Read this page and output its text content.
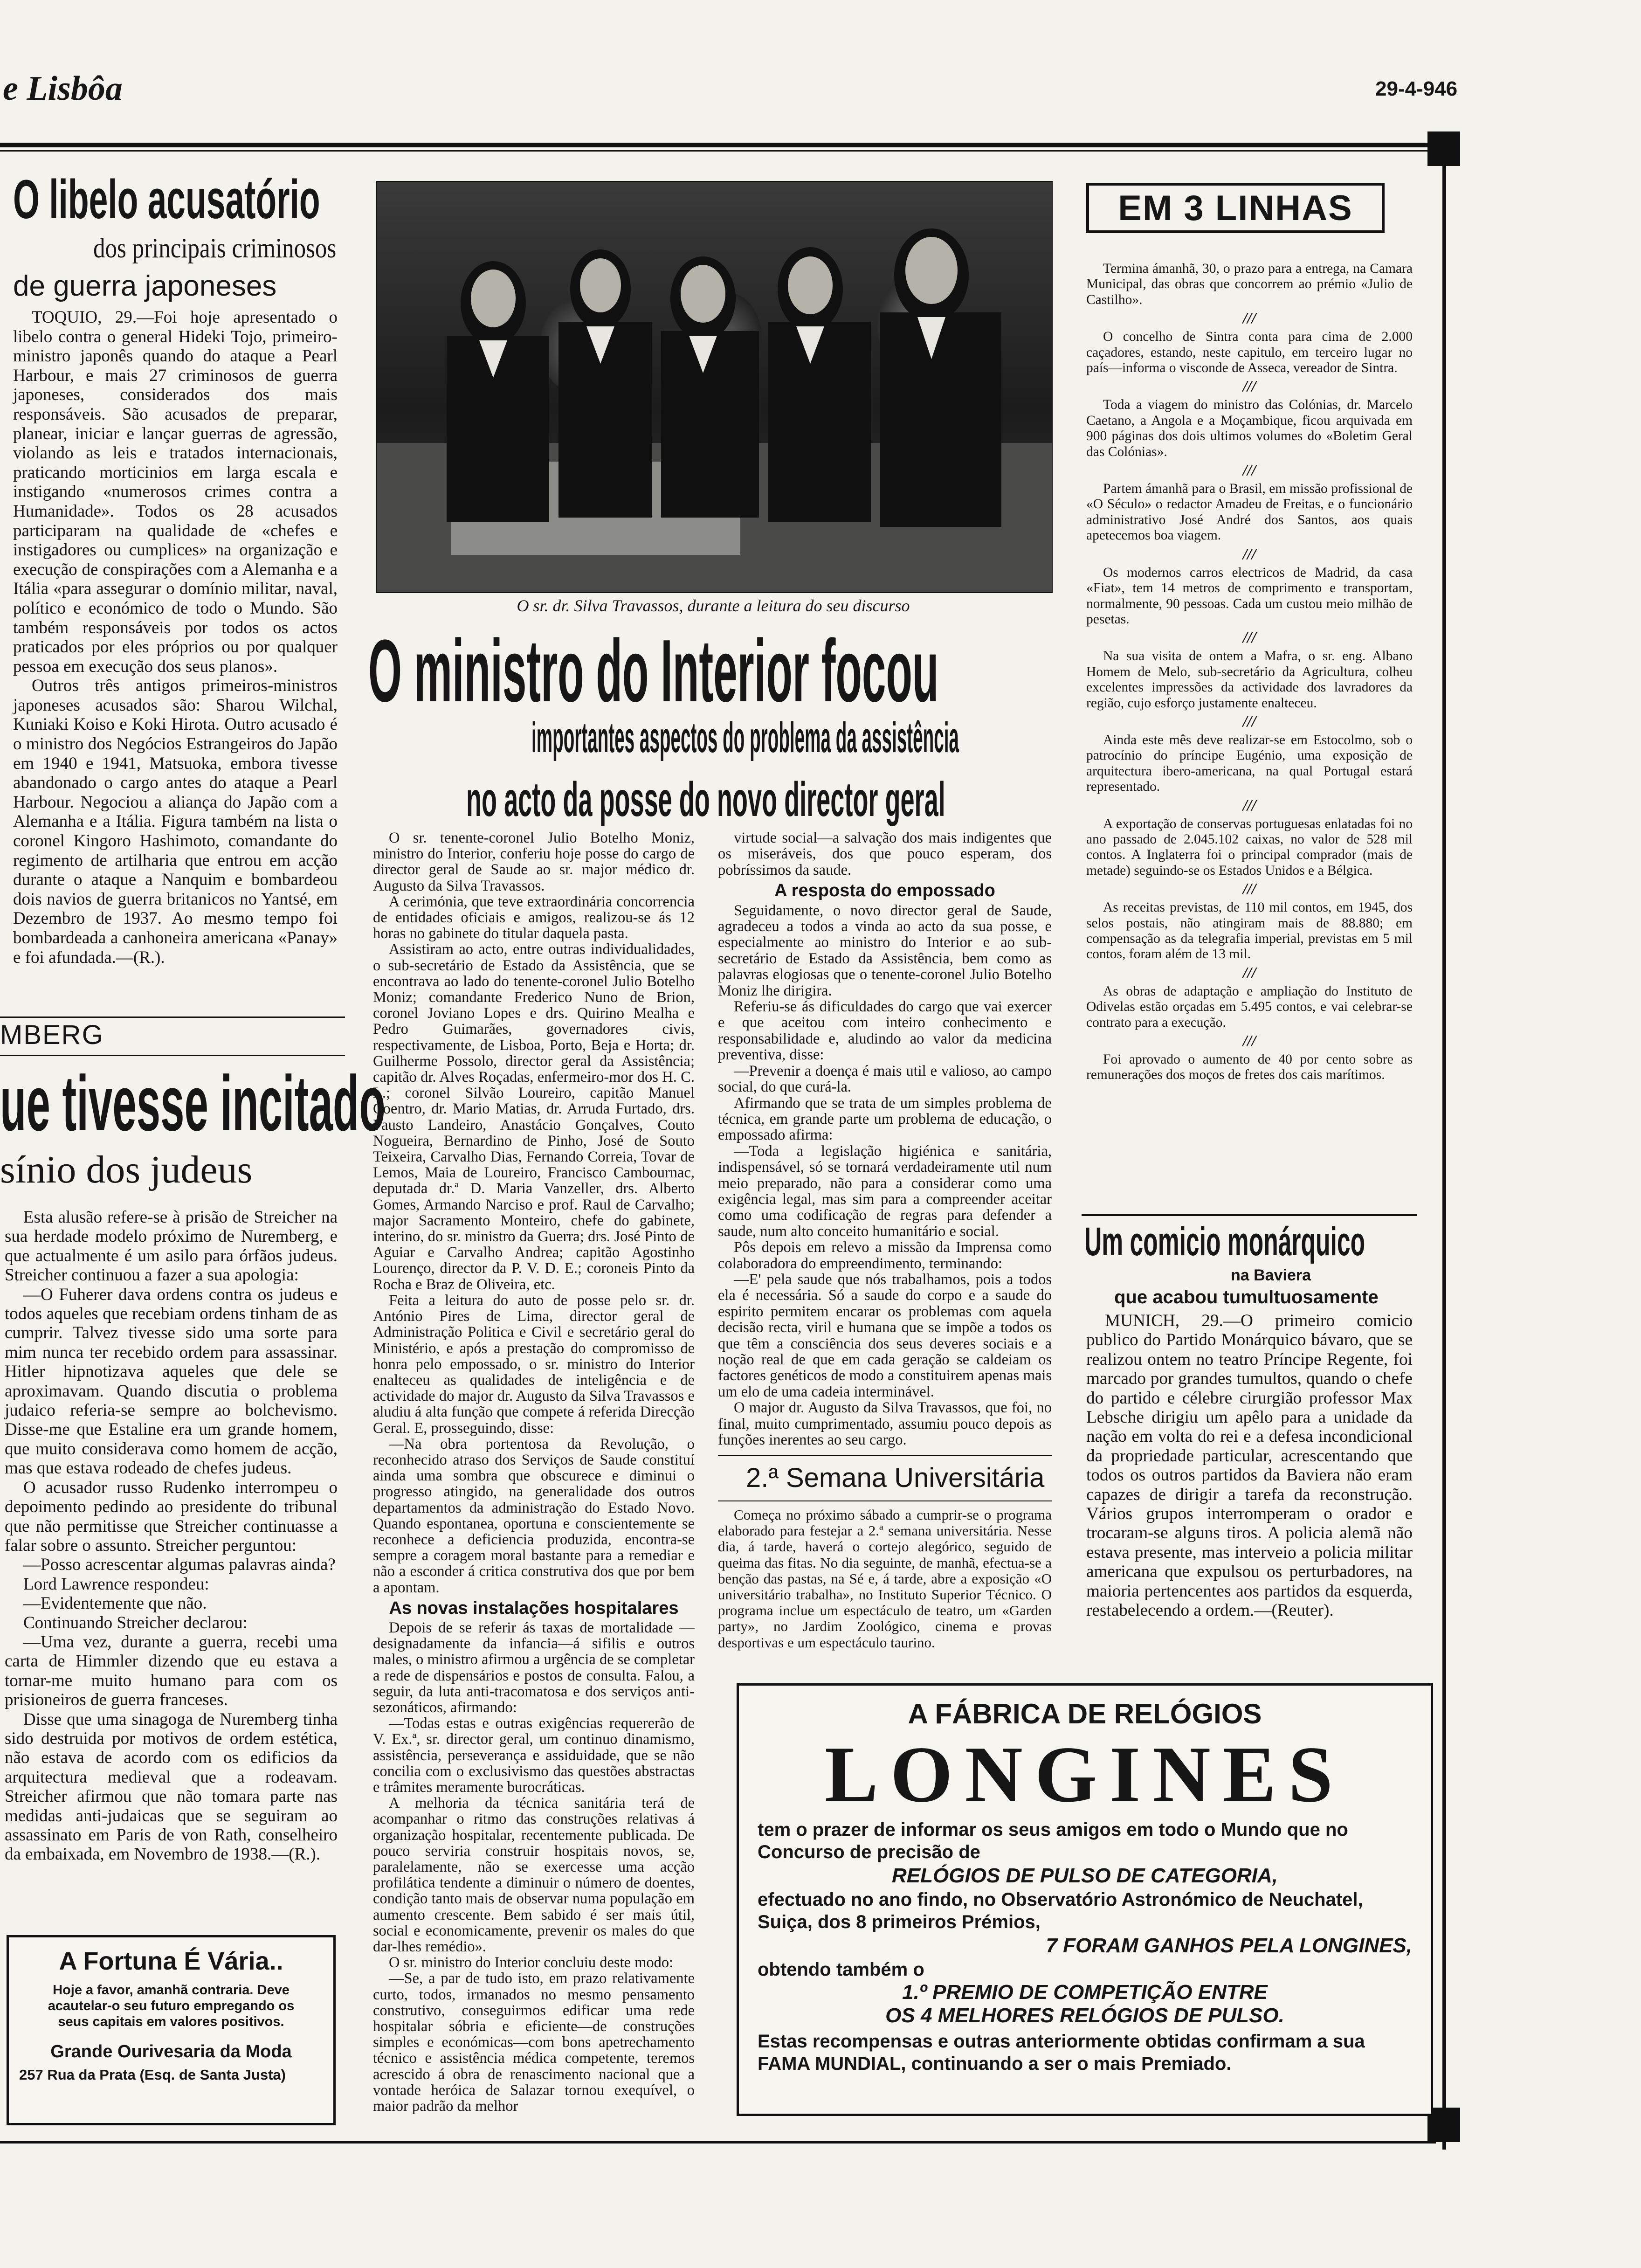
e Lisbôa	29-4-946
O libelo acusatório
dos principais criminosos
de guerra japoneses

TOQUIO, 29.—Foi hoje apresentado o libelo contra o general Hideki Tojo, primeiro-ministro japonês quando do ataque a Pearl Harbour, e mais 27 criminosos de guerra japoneses, considerados dos mais responsáveis. São acusados de preparar, planear, iniciar e lançar guerras de agressão, violando as leis e tratados internacionais, praticando morticinios em larga escala e instigando «numerosos crimes contra a Humanidade». Todos os 28 acusados participaram na qualidade de «chefes e instigadores ou cumplices» na organização e execução de conspirações com a Alemanha e a Itália «para assegurar o domínio militar, naval, político e económico de todo o Mundo. São também responsáveis por todos os actos praticados por eles próprios ou por qualquer pessoa em execução dos seus planos».

Outros três antigos primeiros-ministros japoneses acusados são: Sharou Wilchal, Kuniaki Koiso e Koki Hirota. Outro acusado é o ministro dos Negócios Estrangeiros do Japão em 1940 e 1941, Matsuoka, embora tivesse abandonado o cargo antes do ataque a Pearl Harbour. Negociou a aliança do Japão com a Alemanha e a Itália. Figura também na lista o coronel Kingoro Hashimoto, comandante do regimento de artilharia que entrou em acção durante o ataque a Nanquim e bombardeou dois navios de guerra britanicos no Yantsé, em Dezembro de 1937. Ao mesmo tempo foi bombardeada a canhoneira americana «Panay» e foi afundada.—(R.).

MBERG
ue tivesse incitado
sínio dos judeus

Esta alusão refere-se à prisão de Streicher na sua herdade modelo próximo de Nuremberg, e que actualmente é um asilo para órfãos judeus. Streicher continuou a fazer a sua apologia:

—O Fuherer dava ordens contra os judeus e todos aqueles que recebiam ordens tinham de as cumprir. Talvez tivesse sido uma sorte para mim nunca ter recebido ordem para assassinar. Hitler hipnotizava aqueles que dele se aproximavam. Quando discutia o problema judaico referia-se sempre ao bolchevismo. Disse-me que Estaline era um grande homem, que muito considerava como homem de acção, mas que estava rodeado de chefes judeus.

O acusador russo Rudenko interrompeu o depoimento pedindo ao presidente do tribunal que não permitisse que Streicher continuasse a falar sobre o assunto. Streicher perguntou:

—Posso acrescentar algumas palavras ainda?

Lord Lawrence respondeu:

—Evidentemente que não.

Continuando Streicher declarou:

—Uma vez, durante a guerra, recebi uma carta de Himmler dizendo que eu estava a tornar-me muito humano para com os prisioneiros de guerra franceses.

Disse que uma sinagoga de Nuremberg tinha sido destruida por motivos de ordem estética, não estava de acordo com os edificios da arquitectura medieval que a rodeavam. Streicher afirmou que não tomara parte nas medidas anti-judaicas que se seguiram ao assassinato em Paris de von Rath, conselheiro da embaixada, em Novembro de 1938.—(R.).

A Fortuna É Vária..
Hoje a favor, amanhã contraria. Deve acautelar-o seu futuro empregando os seus capitais em valores positivos.
Grande Ourivesaria da Moda
257 Rua da Prata (Esq. de Santa Justa)
O sr. dr. Silva Travassos, durante a leitura do seu discurso
O ministro do Interior focou
importantes aspectos do problema da assistência
no acto da posse do novo director geral

O sr. tenente-coronel Julio Botelho Moniz, ministro do Interior, conferiu hoje posse do cargo de director geral de Saude ao sr. major médico dr. Augusto da Silva Travassos.

A cerimónia, que teve extraordinária concorrencia de entidades oficiais e amigos, realizou-se ás 12 horas no gabinete do titular daquela pasta.

Assistiram ao acto, entre outras individualidades, o sub-secretário de Estado da Assistência, que se encontrava ao lado do tenente-coronel Julio Botelho Moniz; comandante Frederico Nuno de Brion, coronel Joviano Lopes e drs. Quirino Mealha e Pedro Guimarães, governadores civis, respectivamente, de Lisboa, Porto, Beja e Horta; dr. Guilherme Possolo, director geral da Assistência; capitão dr. Alves Roçadas, enfermeiro-mor dos H. C. L.; coronel Silvão Loureiro, capitão Manuel Coentro, dr. Mario Matias, dr. Arruda Furtado, drs. Fausto Landeiro, Anastácio Gonçalves, Couto Nogueira, Bernardino de Pinho, José de Souto Teixeira, Carvalho Dias, Fernando Correia, Tovar de Lemos, Maia de Loureiro, Francisco Cambournac, deputada dr.ª D. Maria Vanzeller, drs. Alberto Gomes, Armando Narciso e prof. Raul de Carvalho; major Sacramento Monteiro, chefe do gabinete, interino, do sr. ministro da Guerra; drs. José Pinto de Aguiar e Carvalho Andrea; capitão Agostinho Lourenço, director da P. V. D. E.; coroneis Pinto da Rocha e Braz de Oliveira, etc.

Feita a leitura do auto de posse pelo sr. dr. António Pires de Lima, director geral de Administração Politica e Civil e secretário geral do Ministério, e após a prestação do compromisso de honra pelo empossado, o sr. ministro do Interior enalteceu as qualidades de inteligência e de actividade do major dr. Augusto da Silva Travassos e aludiu á alta função que compete á referida Direcção Geral. E, prosseguindo, disse:

—Na obra portentosa da Revolução, o reconhecido atraso dos Serviços de Saude constituí ainda uma sombra que obscurece e diminui o progresso atingido, na generalidade dos outros departamentos da administração do Estado Novo. Quando espontanea, oportuna e conscientemente se reconhece a deficiencia produzida, encontra-se sempre a coragem moral bastante para a remediar e não a esconder á critica construtiva dos que por bem a apontam.

As novas instalações hospitalares

Depois de se referir ás taxas de mortalidade —designadamente da infancia—á sifilis e outros males, o ministro afirmou a urgência de se completar a rede de dispensários e postos de consulta. Falou, a seguir, da luta anti-tracomatosa e dos serviços anti-sezonáticos, afirmando:

—Todas estas e outras exigências requererão de V. Ex.ª, sr. director geral, um continuo dinamismo, assistência, perseverança e assiduidade, que se não concilia com o exclusivismo das questões abstractas e trâmites meramente burocráticas.

A melhoria da técnica sanitária terá de acompanhar o ritmo das construções relativas á organização hospitalar, recentemente publicada. De pouco serviria construir hospitais novos, se, paralelamente, não se exercesse uma acção profilática tendente a diminuir o número de doentes, condição tanto mais de observar numa população em aumento crescente. Bem sabido é ser mais útil, social e economicamente, prevenir os males do que dar-lhes remédio».

O sr. ministro do Interior concluiu deste modo:

—Se, a par de tudo isto, em prazo relativamente curto, todos, irmanados no mesmo pensamento construtivo, conseguirmos edificar uma rede hospitalar sóbria e eficiente—de construções simples e económicas—com bons apetrechamento técnico e assistência médica competente, teremos acrescido á obra de renascimento nacional que a vontade heróica de Salazar tornou exequível, o maior padrão da melhor

virtude social—a salvação dos mais indigentes que os miseráveis, dos que pouco esperam, dos pobríssimos da saude.

A resposta do empossado

Seguidamente, o novo director geral de Saude, agradeceu a todos a vinda ao acto da sua posse, e especialmente ao ministro do Interior e ao sub-secretário de Estado da Assistência, bem como as palavras elogiosas que o tenente-coronel Julio Botelho Moniz lhe dirigira.

Referiu-se ás dificuldades do cargo que vai exercer e que aceitou com inteiro conhecimento e responsabilidade e, aludindo ao valor da medicina preventiva, disse:

—Prevenir a doença é mais util e valioso, ao campo social, do que curá-la.

Afirmando que se trata de um simples problema de técnica, em grande parte um problema de educação, o empossado afirma:

—Toda a legislação higiénica e sanitária, indispensável, só se tornará verdadeiramente util num meio preparado, não para a considerar como uma exigência legal, mas sim para a compreender aceitar como uma codificação de regras para defender a saude, num alto conceito humanitário e social.

Pôs depois em relevo a missão da Imprensa como colaboradora do empreendimento, terminando:

—E' pela saude que nós trabalhamos, pois a todos ela é necessária. Só a saude do corpo e a saude do espirito permitem encarar os problemas com aquela decisão recta, viril e humana que se impõe a todos os que têm a consciência dos seus deveres sociais e a noção real de que em cada geração se caldeiam os factores genéticos de modo a constituirem apenas mais um elo de uma cadeia interminável.

O major dr. Augusto da Silva Travassos, que foi, no final, muito cumprimentado, assumiu pouco depois as funções inerentes ao seu cargo.

2.ª Semana Universitária

Começa no próximo sábado a cumprir-se o programa elaborado para festejar a 2.ª semana universitária. Nesse dia, á tarde, haverá o cortejo alegórico, seguido de queima das fitas. No dia seguinte, de manhã, efectua-se a benção das pastas, na Sé e, á tarde, abre a exposição «O universitário trabalha», no Instituto Superior Técnico. O programa inclue um espectáculo de teatro, um «Garden party», no Jardim Zoológico, cinema e provas desportivas e um espectáculo taurino.

EM 3 LINHAS
Termina ámanhã, 30, o prazo para a entrega, na Camara Municipal, das obras que concorrem ao prémio «Julio de Castilho».
///
O concelho de Sintra conta para cima de 2.000 caçadores, estando, neste capitulo, em terceiro lugar no país—informa o visconde de Asseca, vereador de Sintra.
///
Toda a viagem do ministro das Colónias, dr. Marcelo Caetano, a Angola e a Moçambique, ficou arquivada em 900 páginas dos dois ultimos volumes do «Boletim Geral das Colónias».
///
Partem ámanhã para o Brasil, em missão profissional de «O Século» o redactor Amadeu de Freitas, e o funcionário administrativo José André dos Santos, aos quais apetecemos boa viagem.
///
Os modernos carros electricos de Madrid, da casa «Fiat», tem 14 metros de comprimento e transportam, normalmente, 90 pessoas. Cada um custou meio milhão de pesetas.
///
Na sua visita de ontem a Mafra, o sr. eng. Albano Homem de Melo, sub-secretário da Agricultura, colheu excelentes impressões da actividade dos lavradores da região, cujo esforço justamente enalteceu.
///
Ainda este mês deve realizar-se em Estocolmo, sob o patrocínio do príncipe Eugénio, uma exposição de arquitectura ibero-americana, na qual Portugal estará representado.
///
A exportação de conservas portuguesas enlatadas foi no ano passado de 2.045.102 caixas, no valor de 528 mil contos. A Inglaterra foi o principal comprador (mais de metade) seguindo-se os Estados Unidos e a Bélgica.
///
As receitas previstas, de 110 mil contos, em 1945, dos selos postais, não atingiram mais de 88.880; em compensação as da telegrafia imperial, previstas em 5 mil contos, foram além de 13 mil.
///
As obras de adaptação e ampliação do Instituto de Odivelas estão orçadas em 5.495 contos, e vai celebrar-se contrato para a execução.
///
Foi aprovado o aumento de 40 por cento sobre as remunerações dos moços de fretes dos cais marítimos.
Um comicio monárquico
na Baviera
que acabou tumultuosamente

MUNICH, 29.—O primeiro comicio publico do Partido Monárquico bávaro, que se realizou ontem no teatro Príncipe Regente, foi marcado por grandes tumultos, quando o chefe do partido e célebre cirurgião professor Max Lebsche dirigiu um apêlo para a unidade da nação em volta do rei e a defesa incondicional da propriedade particular, acrescentando que todos os outros partidos da Baviera não eram capazes de dirigir a tarefa da reconstrução. Vários grupos interromperam o orador e trocaram-se alguns tiros. A policia alemã não estava presente, mas interveio a policia militar americana que expulsou os perturbadores, na maioria pertencentes aos partidos da esquerda, restabelecendo a ordem.—(Reuter).

A FÁBRICA DE RELÓGIOS
LONGINES
tem o prazer de informar os seus amigos em todo o Mundo que no Concurso de precisão de
RELÓGIOS DE PULSO DE CATEGORIA,
efectuado no ano findo, no Observatório Astronómico de Neuchatel, Suiça, dos 8 primeiros Prémios,
7 FORAM GANHOS PELA LONGINES,
obtendo também o
1.º PREMIO DE COMPETIÇÃO ENTRE
OS 4 MELHORES RELÓGIOS DE PULSO.
Estas recompensas e outras anteriormente obtidas confirmam a sua FAMA MUNDIAL, continuando a ser o mais Premiado.
